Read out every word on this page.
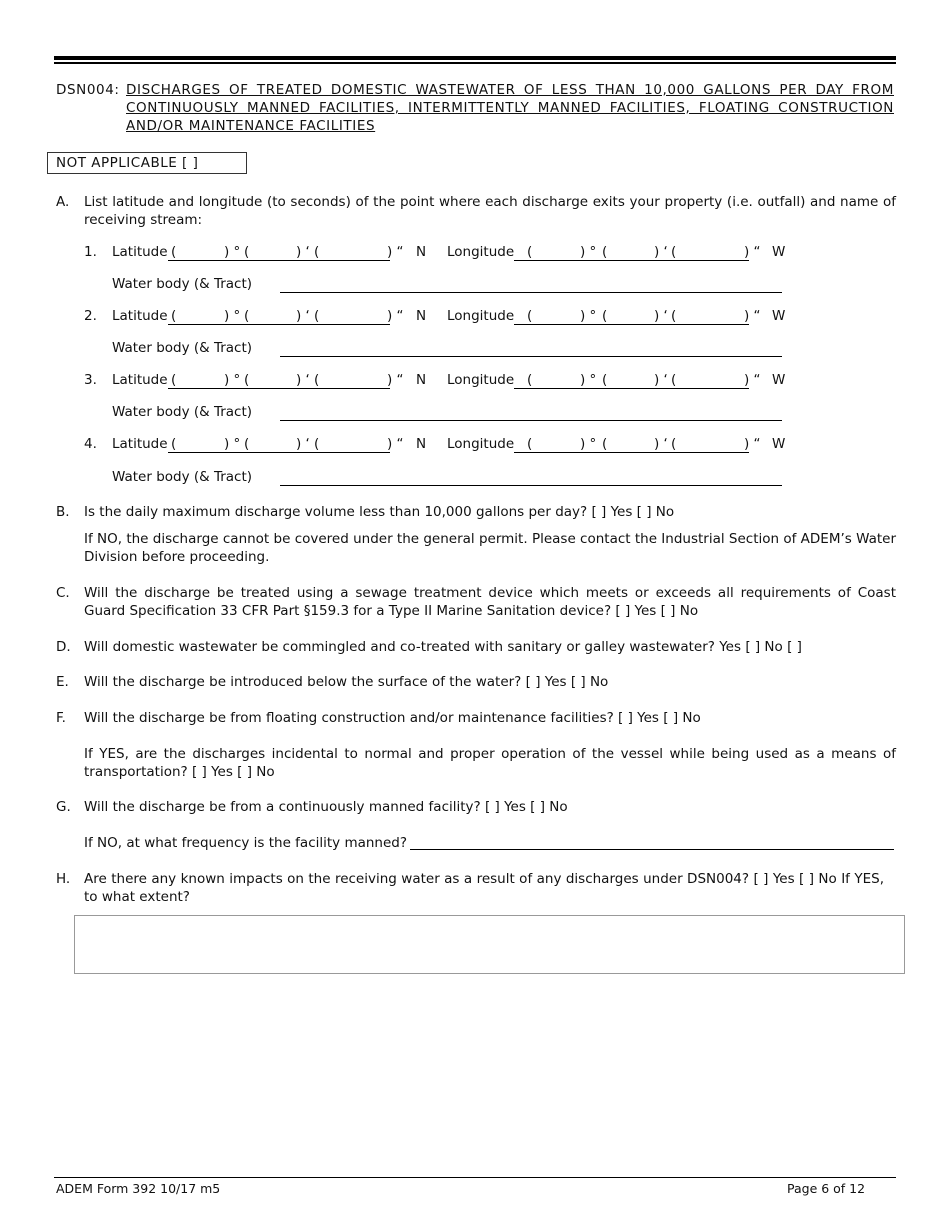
DSN004: DISCHARGES OF TREATED DOMESTIC WASTEWATER OF LESS THAN 10,000 GALLONS PER DAY FROM CONTINUOUSLY MANNED FACILITIES, INTERMITTENTLY MANNED FACILITIES, FLOATING CONSTRUCTION AND/OR MAINTENANCE FACILITIES
NOT APPLICABLE [ ]
A. List latitude and longitude (to seconds) of the point where each discharge exits your property (i.e. outfall) and name of receiving stream:
1. Latitude (	) ° (	) ‘ (	) “ N Longitude (	) ° (	) ‘ (	) “ W
Water body (& Tract)
2. Latitude (	) ° (	) ‘ (	) “ N Longitude (	) ° (	) ‘ (	) “ W
Water body (& Tract)
3. Latitude (	) ° (	) ‘ (	) “ N Longitude (	) ° (	) ‘ (	) “ W
Water body (& Tract)
4. Latitude (	) ° (	) ‘ (	) “ N Longitude (	) ° (	) ‘ (	) “ W
Water body (& Tract)
B. Is the daily maximum discharge volume less than 10,000 gallons per day? [ ] Yes [ ] No
If NO, the discharge cannot be covered under the general permit. Please contact the Industrial Section of ADEM’s Water Division before proceeding.
C. Will the discharge be treated using a sewage treatment device which meets or exceeds all requirements of Coast Guard Specification 33 CFR Part §159.3 for a Type II Marine Sanitation device? [ ] Yes [ ] No
D. Will domestic wastewater be commingled and co-treated with sanitary or galley wastewater? Yes [ ] No [ ]
E. Will the discharge be introduced below the surface of the water? [ ] Yes [ ] No
F. Will the discharge be from floating construction and/or maintenance facilities? [ ] Yes [ ] No
If YES, are the discharges incidental to normal and proper operation of the vessel while being used as a means of transportation? [ ] Yes [ ] No
G. Will the discharge be from a continuously manned facility? [ ] Yes [ ] No
If NO, at what frequency is the facility manned?
H. Are there any known impacts on the receiving water as a result of any discharges under DSN004? [ ] Yes [ ] No If YES, to what extent?
ADEM Form 392 10/17 m5	Page 6 of 12
